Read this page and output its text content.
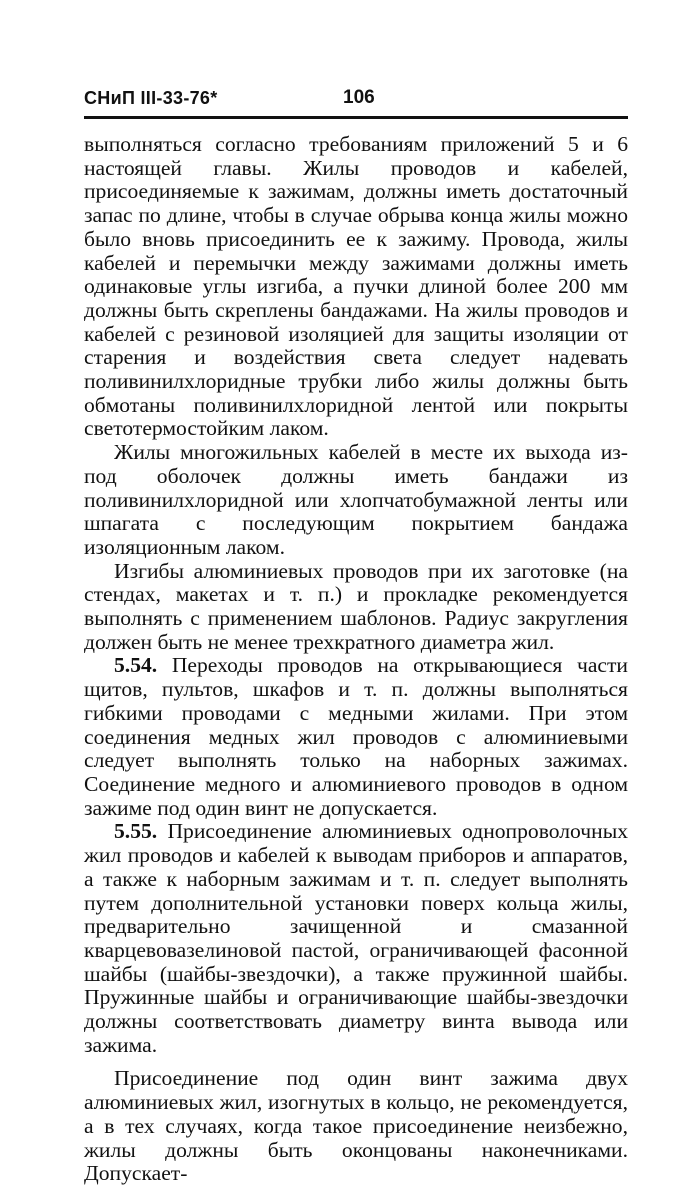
СНиП III-33-76*	106

выполняться согласно требованиям приложений 5 и 6 настоящей главы. Жилы проводов и кабелей, присоединяемые к зажимам, должны иметь достаточный запас по длине, чтобы в случае обрыва конца жилы можно было вновь присоединить ее к зажиму. Провода, жилы кабелей и перемычки между зажимами должны иметь одинаковые углы изгиба, а пучки длиной более 200 мм должны быть скреплены бандажами. На жилы проводов и кабелей с резиновой изоляцией для защиты изоляции от старения и воздействия света следует надевать поливинилхлоридные трубки либо жилы должны быть обмотаны поливинилхлоридной лентой или покрыты светотермостойким лаком.

Жилы многожильных кабелей в месте их выхода из-под оболочек должны иметь бандажи из поливинилхлоридной или хлопчатобумажной ленты или шпагата с последующим покрытием бандажа изоляционным лаком.

Изгибы алюминиевых проводов при их заготовке (на стендах, макетах и т. п.) и прокладке рекомендуется выполнять с применением шаблонов. Радиус закругления должен быть не менее трехкратного диаметра жил.

5.54. Переходы проводов на открывающиеся части щитов, пультов, шкафов и т. п. должны выполняться гибкими проводами с медными жилами. При этом соединения медных жил проводов с алюминиевыми следует выполнять только на наборных зажимах. Соединение медного и алюминиевого проводов в одном зажиме под один винт не допускается.

5.55. Присоединение алюминиевых однопроволочных жил проводов и кабелей к выводам приборов и аппаратов, а также к наборным зажимам и т. п. следует выполнять путем дополнительной установки поверх кольца жилы, предварительно зачищенной и смазанной кварцевовазелиновой пастой, ограничивающей фасонной шайбы (шайбы-звездочки), а также пружинной шайбы. Пружинные шайбы и ограничивающие шайбы-звездочки должны соответствовать диаметру винта вывода или зажима.

Присоединение под один винт зажима двух алюминиевых жил, изогнутых в кольцо, не рекомендуется, а в тех случаях, когда такое присоединение неизбежно, жилы должны быть оконцованы наконечниками. Допускает-
